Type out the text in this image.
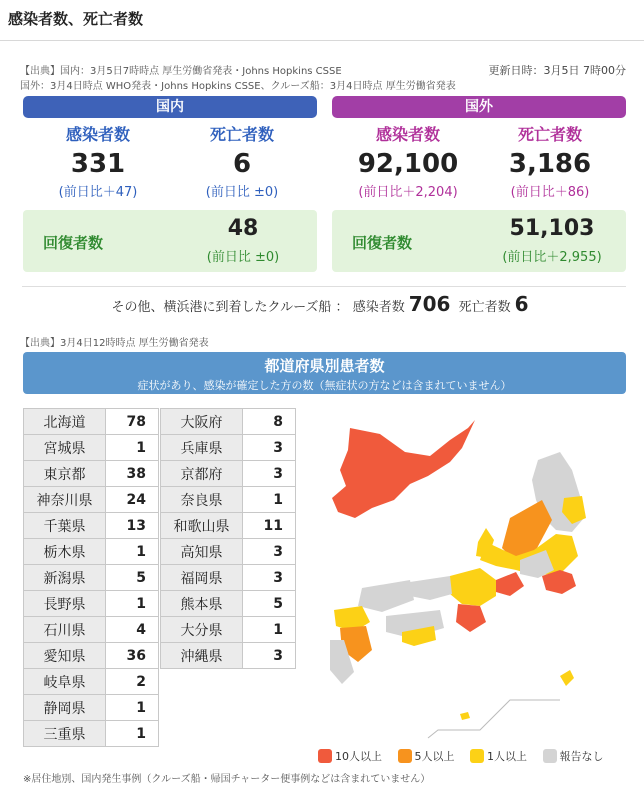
感染者数、死亡者数
【出典】国内：3月5日7時時点 厚生労働省発表・Johns Hopkins CSSE
国外：3月4日時点 WHO発表・Johns Hopkins CSSE、クルーズ船：3月4日時点 厚生労働省発表
更新日時：3月5日 7時00分
国内	国外
感染者数
331
(前日比＋47)
死亡者数
6
(前日比 ±0)
感染者数
92,100
(前日比＋2,204)
死亡者数
3,186
(前日比＋86)
回復者数
48
(前日比 ±0)
回復者数
51,103
(前日比＋2,955)
その他、横浜港に到着したクルーズ船 ： 感染者数 706 死亡者数 6
【出典】3月4日12時時点 厚生労働省発表
都道府県別患者数
症状があり、感染が確定した方の数（無症状の方などは含まれていません）
北海道	78
宮城県	1
東京都	38
神奈川県	24
千葉県	13
栃木県	1
新潟県	5
長野県	1
石川県	4
愛知県	36
岐阜県	2
静岡県	1
三重県	1
大阪府	8
兵庫県	3
京都府	3
奈良県	1
和歌山県	11
高知県	3
福岡県	3
熊本県	5
大分県	1
沖縄県	3
10人以上	5人以上	1人以上	報告なし
※居住地別、国内発生事例（クルーズ船・帰国チャーター便事例などは含まれていません）
